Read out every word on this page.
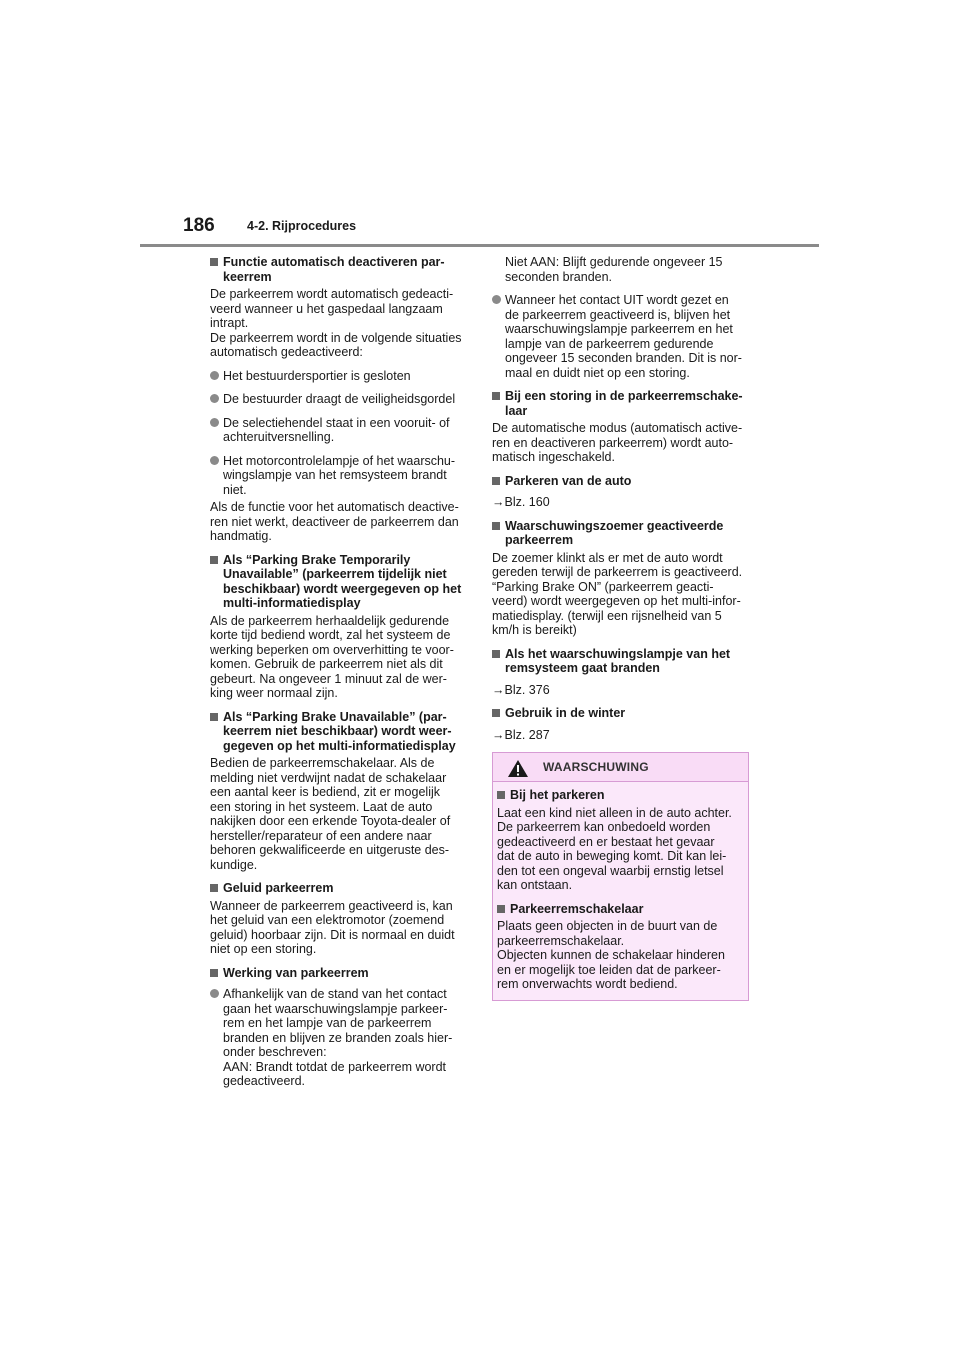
186	4-2. Rijprocedures
Functie automatisch deactiveren par-
keerrem
De parkeerrem wordt automatisch gedeacti-
veerd wanneer u het gaspedaal langzaam
intrapt.
De parkeerrem wordt in de volgende situaties
automatisch gedeactiveerd:
Het bestuurdersportier is gesloten
De bestuurder draagt de veiligheidsgordel
De selectiehendel staat in een vooruit- of
achteruitversnelling.
Het motorcontrolelampje of het waarschu-
wingslampje van het remsysteem brandt
niet.
Als de functie voor het automatisch deactive-
ren niet werkt, deactiveer de parkeerrem dan
handmatig.
Als “Parking Brake Temporarily
Unavailable” (parkeerrem tijdelijk niet
beschikbaar) wordt weergegeven op het
multi-informatiedisplay
Als de parkeerrem herhaaldelijk gedurende
korte tijd bediend wordt, zal het systeem de
werking beperken om oververhitting te voor-
komen. Gebruik de parkeerrem niet als dit
gebeurt. Na ongeveer 1 minuut zal de wer-
king weer normaal zijn.
Als “Parking Brake Unavailable” (par-
keerrem niet beschikbaar) wordt weer-
gegeven op het multi-informatiedisplay
Bedien de parkeerremschakelaar. Als de
melding niet verdwijnt nadat de schakelaar
een aantal keer is bediend, zit er mogelijk
een storing in het systeem. Laat de auto
nakijken door een erkende Toyota-dealer of
hersteller/reparateur of een andere naar
behoren gekwalificeerde en uitgeruste des-
kundige.
Geluid parkeerrem
Wanneer de parkeerrem geactiveerd is, kan
het geluid van een elektromotor (zoemend
geluid) hoorbaar zijn. Dit is normaal en duidt
niet op een storing.
Werking van parkeerrem
Afhankelijk van de stand van het contact
gaan het waarschuwingslampje parkeer-
rem en het lampje van de parkeerrem
branden en blijven ze branden zoals hier-
onder beschreven:
AAN: Brandt totdat de parkeerrem wordt
gedeactiveerd.
Niet AAN: Blijft gedurende ongeveer 15
seconden branden.
Wanneer het contact UIT wordt gezet en
de parkeerrem geactiveerd is, blijven het
waarschuwingslampje parkeerrem en het
lampje van de parkeerrem gedurende
ongeveer 15 seconden branden. Dit is nor-
maal en duidt niet op een storing.
Bij een storing in de parkeerremschake-
laar
De automatische modus (automatisch active-
ren en deactiveren parkeerrem) wordt auto-
matisch ingeschakeld.
Parkeren van de auto
→Blz. 160
Waarschuwingszoemer geactiveerde
parkeerrem
De zoemer klinkt als er met de auto wordt
gereden terwijl de parkeerrem is geactiveerd.
“Parking Brake ON” (parkeerrem geacti-
veerd) wordt weergegeven op het multi-infor-
matiedisplay. (terwijl een rijsnelheid van 5
km/h is bereikt)
Als het waarschuwingslampje van het
remsysteem gaat branden
→Blz. 376
Gebruik in de winter
→Blz. 287
WAARSCHUWING
Bij het parkeren
Laat een kind niet alleen in de auto achter.
De parkeerrem kan onbedoeld worden
gedeactiveerd en er bestaat het gevaar
dat de auto in beweging komt. Dit kan lei-
den tot een ongeval waarbij ernstig letsel
kan ontstaan.
Parkeerremschakelaar
Plaats geen objecten in de buurt van de
parkeerremschakelaar.
Objecten kunnen de schakelaar hinderen
en er mogelijk toe leiden dat de parkeer-
rem onverwachts wordt bediend.
